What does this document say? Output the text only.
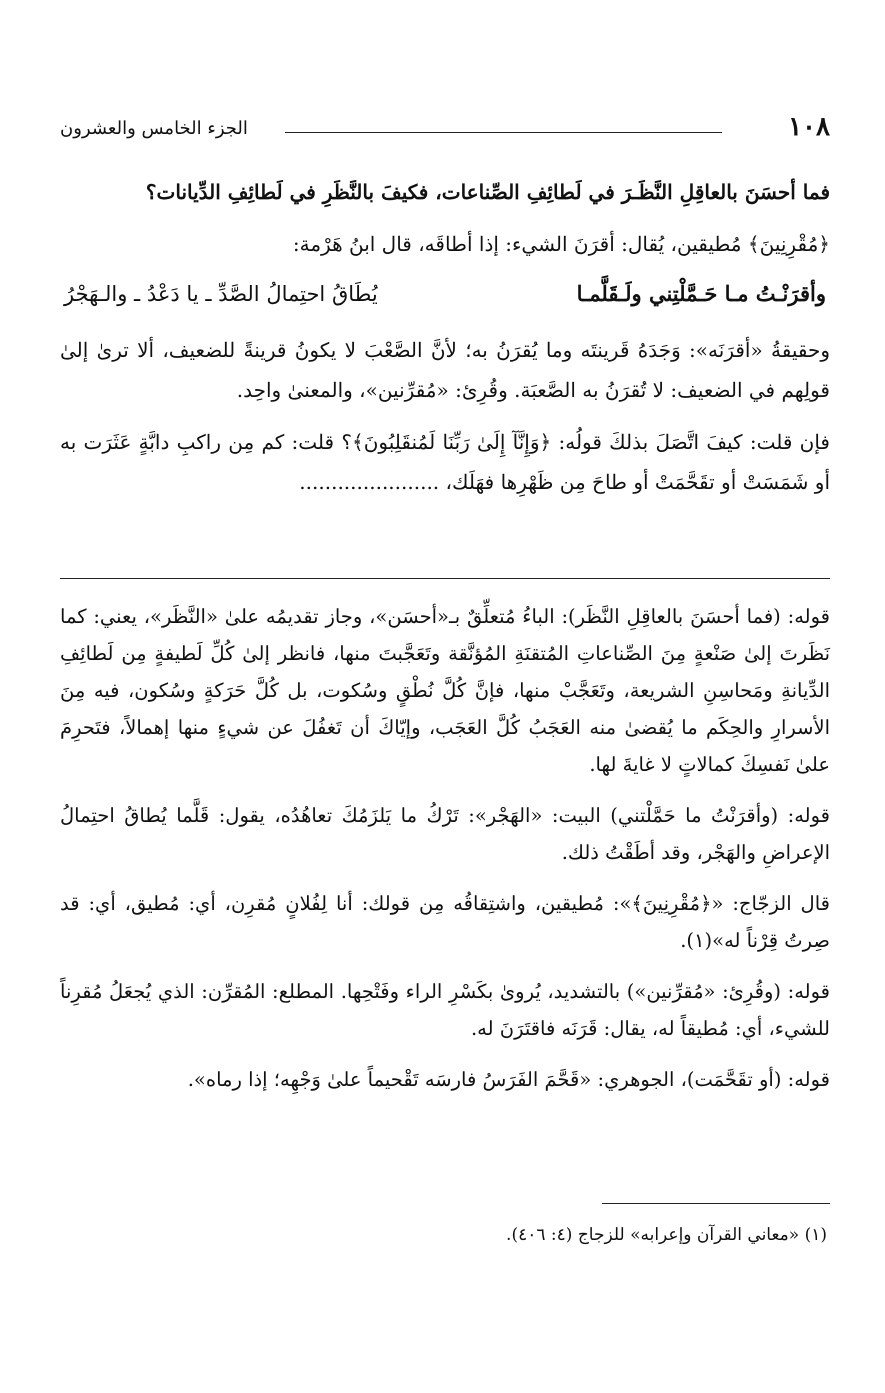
١٠٨
الجزء الخامس والعشرون

فما أحسَنَ بالعاقِلِ النَّظَـرَ في لَطائِفِ الصِّناعات، فكيفَ بالنَّظَرِ في لَطائِفِ الدِّيانات؟

﴿مُقْرِنِينَ﴾ مُطيقين، يُقال: أقرَنَ الشيء: إذا أطاقَه، قال ابنُ هَرْمة:

وأقرَنْـتُ مـا حَـمَّلْتِني ولَـقَلَّمـا
يُطَاقُ احتِمالُ الصَّدِّ ـ يا دَعْدُ ـ والـهَجْرُ

وحقيقةُ «أقرَنَه»: وَجَدَهُ قَرينتَه وما يُقرَنُ به؛ لأنَّ الصَّعْبَ لا يكونُ قرينةً للضعيف، ألا ترىٰ إلىٰ قولِهم في الضعيف: لا تُقرَنُ به الصَّعبَة. وقُرِئ: «مُقرِّنين»، والمعنىٰ واحِد.

فإن قلت: كيفَ اتَّصَلَ بذلكَ قولُه: ﴿وَإِنَّآ إِلَىٰ رَبِّنَا لَمُنقَلِبُونَ﴾؟ قلت: كم مِن راكبِ دابَّةٍ عَثَرَت به أو شَمَسَتْ أو تقَحَّمَتْ أو طاحَ مِن ظَهْرِها فهَلَك، ......................

قوله: (فما أحسَنَ بالعاقِلِ النَّظَر): الباءُ مُتعلِّقٌ بـ«أحسَن»، وجاز تقديمُه علىٰ «النَّظَر»، يعني: كما نَظَرتَ إلىٰ صَنْعةٍ مِنَ الصِّناعاتِ المُتقنَةِ المُؤنَّقة وتَعَجَّبتَ منها، فانظر إلىٰ كُلِّ لَطيفةٍ مِن لَطائِفِ الدِّيانةِ ومَحاسِنِ الشريعة، وتَعَجَّبْ منها، فإنَّ كُلَّ نُطْقٍ وسُكوت، بل كُلَّ حَرَكةٍ وسُكون، فيه مِنَ الأسرارِ والحِكَم ما يُقضىٰ منه العَجَبُ كُلَّ العَجَب، وإيّاكَ أن تَغفُلَ عن شيءٍ منها إهمالاً، فتَحرِمَ علىٰ نَفسِكَ كمالاتٍ لا غايةَ لها.

قوله: (وأقرَنْتُ ما حَمَّلْتني) البيت: «الهَجْر»: تَرْكُ ما يَلزَمُكَ تعاهُدُه، يقول: قَلَّما يُطاقُ احتِمالُ الإعراضِ والهَجْر، وقد أطَقْتُ ذلك.

قال الزجّاج: «﴿مُقْرِنِينَ﴾»: مُطيقين، واشتِقاقُه مِن قولك: أنا لِفُلانٍ مُقرِن، أي: مُطيق، أي: قد صِرتُ قِرْناً له»(١).

قوله: (وقُرِئ: «مُقرِّنين») بالتشديد، يُروىٰ بكَسْرِ الراء وفَتْحِها. المطلع: المُقرِّن: الذي يُجعَلُ مُقرِناً للشيء، أي: مُطيقاً له، يقال: قَرَنَه فاقتَرَنَ له.

قوله: (أو تقَحَّمَت)، الجوهري: «قَحَّمَ الفَرَسُ فارسَه تَقْحيماً علىٰ وَجْهِه؛ إذا رماه».

(١) «معاني القرآن وإعرابه» للزجاج (٤: ٤٠٦).
